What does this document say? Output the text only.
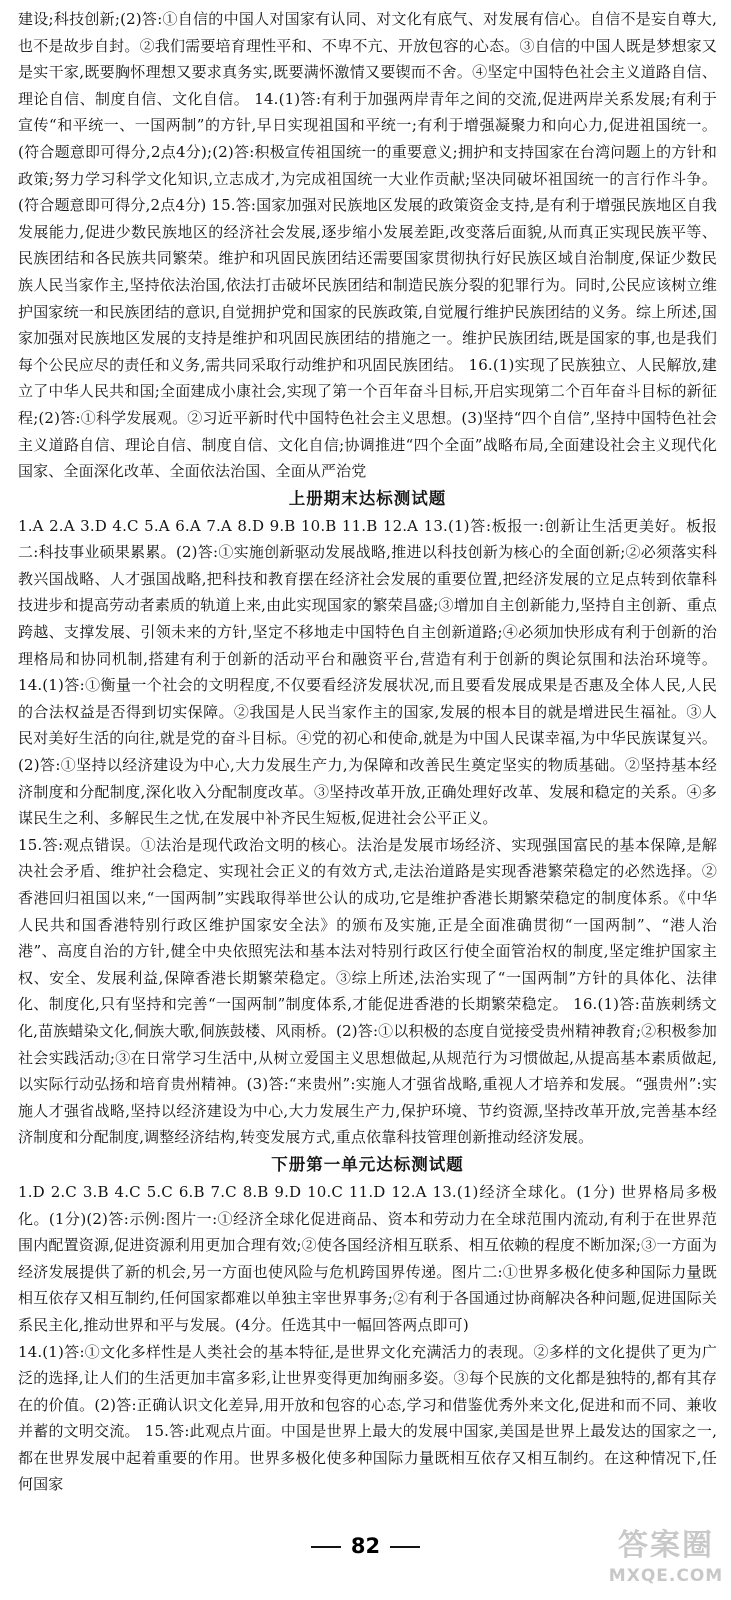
建设;科技创新;(2)答:①自信的中国人对国家有认同、对文化有底气、对发展有信心。自信不是妄自尊大,也不是故步自封。②我们需要培育理性平和、不卑不亢、开放包容的心态。③自信的中国人既是梦想家又是实干家,既要胸怀理想又要求真务实,既要满怀激情又要锲而不舍。④坚定中国特色社会主义道路自信、理论自信、制度自信、文化自信。 14.(1)答:有利于加强两岸青年之间的交流,促进两岸关系发展;有利于宣传“和平统一、一国两制”的方针,早日实现祖国和平统一;有利于增强凝聚力和向心力,促进祖国统一。(符合题意即可得分,2点4分);(2)答:积极宣传祖国统一的重要意义;拥护和支持国家在台湾问题上的方针和政策;努力学习科学文化知识,立志成才,为完成祖国统一大业作贡献;坚决同破坏祖国统一的言行作斗争。(符合题意即可得分,2点4分) 15.答:国家加强对民族地区发展的政策资金支持,是有利于增强民族地区自我发展能力,促进少数民族地区的经济社会发展,逐步缩小发展差距,改变落后面貌,从而真正实现民族平等、民族团结和各民族共同繁荣。维护和巩固民族团结还需要国家贯彻执行好民族区域自治制度,保证少数民族人民当家作主,坚持依法治国,依法打击破坏民族团结和制造民族分裂的犯罪行为。同时,公民应该树立维护国家统一和民族团结的意识,自觉拥护党和国家的民族政策,自觉履行维护民族团结的义务。综上所述,国家加强对民族地区发展的支持是维护和巩固民族团结的措施之一。维护民族团结,既是国家的事,也是我们每个公民应尽的责任和义务,需共同采取行动维护和巩固民族团结。 16.(1)实现了民族独立、人民解放,建立了中华人民共和国;全面建成小康社会,实现了第一个百年奋斗目标,开启实现第二个百年奋斗目标的新征程;(2)答:①科学发展观。②习近平新时代中国特色社会主义思想。(3)坚持“四个自信”,坚持中国特色社会主义道路自信、理论自信、制度自信、文化自信;协调推进“四个全面”战略布局,全面建设社会主义现代化国家、全面深化改革、全面依法治国、全面从严治党

上册期末达标测试题

1.A 2.A 3.D 4.C 5.A 6.A 7.A 8.D 9.B 10.B 11.B 12.A 13.(1)答:板报一:创新让生活更美好。板报二:科技事业硕果累累。(2)答:①实施创新驱动发展战略,推进以科技创新为核心的全面创新;②必须落实科教兴国战略、人才强国战略,把科技和教育摆在经济社会发展的重要位置,把经济发展的立足点转到依靠科技进步和提高劳动者素质的轨道上来,由此实现国家的繁荣昌盛;③增加自主创新能力,坚持自主创新、重点跨越、支撑发展、引领未来的方针,坚定不移地走中国特色自主创新道路;④必须加快形成有利于创新的治理格局和协同机制,搭建有利于创新的活动平台和融资平台,营造有利于创新的舆论氛围和法治环境等。 14.(1)答:①衡量一个社会的文明程度,不仅要看经济发展状况,而且要看发展成果是否惠及全体人民,人民的合法权益是否得到切实保障。②我国是人民当家作主的国家,发展的根本目的就是增进民生福祉。③人民对美好生活的向往,就是党的奋斗目标。④党的初心和使命,就是为中国人民谋幸福,为中华民族谋复兴。(2)答:①坚持以经济建设为中心,大力发展生产力,为保障和改善民生奠定坚实的物质基础。②坚持基本经济制度和分配制度,深化收入分配制度改革。③坚持改革开放,正确处理好改革、发展和稳定的关系。④多谋民生之利、多解民生之忧,在发展中补齐民生短板,促进社会公平正义。

15.答:观点错误。①法治是现代政治文明的核心。法治是发展市场经济、实现强国富民的基本保障,是解决社会矛盾、维护社会稳定、实现社会正义的有效方式,走法治道路是实现香港繁荣稳定的必然选择。②香港回归祖国以来,“一国两制”实践取得举世公认的成功,它是维护香港长期繁荣稳定的制度体系。《中华人民共和国香港特别行政区维护国家安全法》的颁布及实施,正是全面准确贯彻“一国两制”、“港人治港”、高度自治的方针,健全中央依照宪法和基本法对特别行政区行使全面管治权的制度,坚定维护国家主权、安全、发展利益,保障香港长期繁荣稳定。③综上所述,法治实现了“一国两制”方针的具体化、法律化、制度化,只有坚持和完善“一国两制”制度体系,才能促进香港的长期繁荣稳定。 16.(1)答:苗族刺绣文化,苗族蜡染文化,侗族大歌,侗族鼓楼、风雨桥。(2)答:①以积极的态度自觉接受贵州精神教育;②积极参加社会实践活动;③在日常学习生活中,从树立爱国主义思想做起,从规范行为习惯做起,从提高基本素质做起,以实际行动弘扬和培育贵州精神。(3)答:“来贵州”:实施人才强省战略,重视人才培养和发展。“强贵州”:实施人才强省战略,坚持以经济建设为中心,大力发展生产力,保护环境、节约资源,坚持改革开放,完善基本经济制度和分配制度,调整经济结构,转变发展方式,重点依靠科技管理创新推动经济发展。

下册第一单元达标测试题

1.D 2.C 3.B 4.C 5.C 6.B 7.C 8.B 9.D 10.C 11.D 12.A 13.(1)经济全球化。(1分) 世界格局多极化。(1分)(2)答:示例:图片一:①经济全球化促进商品、资本和劳动力在全球范围内流动,有利于在世界范围内配置资源,促进资源利用更加合理有效;②使各国经济相互联系、相互依赖的程度不断加深;③一方面为经济发展提供了新的机会,另一方面也使风险与危机跨国界传递。图片二:①世界多极化使多种国际力量既相互依存又相互制约,任何国家都难以单独主宰世界事务;②有利于各国通过协商解决各种问题,促进国际关系民主化,推动世界和平与发展。(4分。任选其中一幅回答两点即可)

14.(1)答:①文化多样性是人类社会的基本特征,是世界文化充满活力的表现。②多样的文化提供了更为广泛的选择,让人们的生活更加丰富多彩,让世界变得更加绚丽多姿。③每个民族的文化都是独特的,都有其存在的价值。(2)答:正确认识文化差异,用开放和包容的心态,学习和借鉴优秀外来文化,促进和而不同、兼收并蓄的文明交流。 15.答:此观点片面。中国是世界上最大的发展中国家,美国是世界上最发达的国家之一,都在世界发展中起着重要的作用。世界多极化使多种国际力量既相互依存又相互制约。在这种情况下,任何国家

82	答案圈
MXQE.COM
